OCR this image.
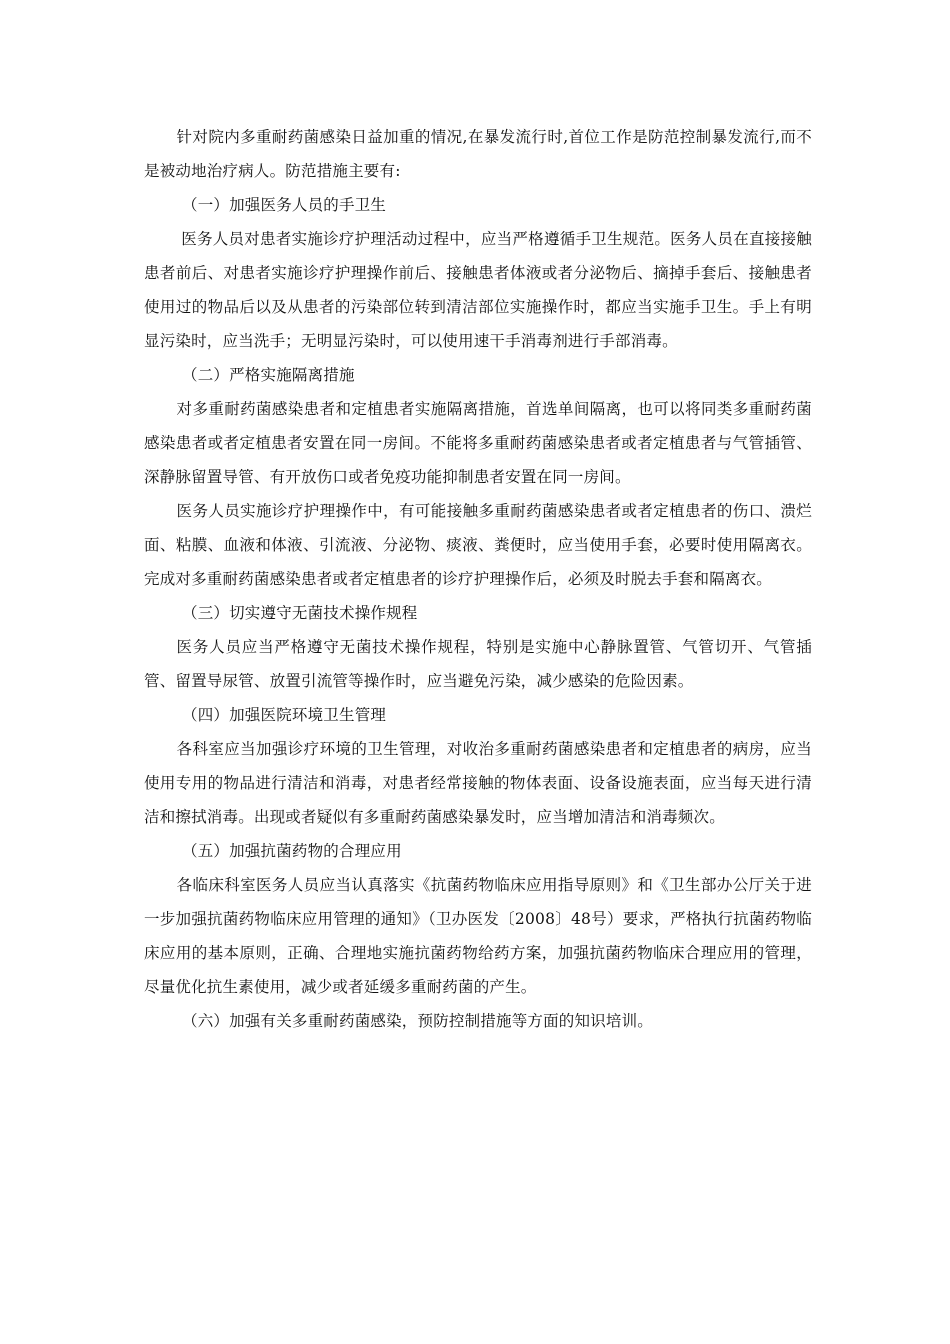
针对院内多重耐药菌感染日益加重的情况,在暴发流行时,首位工作是防范控制暴发流行,而不是被动地治疗病人。防范措施主要有:

（一）加强医务人员的手卫生

医务人员对患者实施诊疗护理活动过程中，应当严格遵循手卫生规范。医务人员在直接接触患者前后、对患者实施诊疗护理操作前后、接触患者体液或者分泌物后、摘掉手套后、接触患者使用过的物品后以及从患者的污染部位转到清洁部位实施操作时，都应当实施手卫生。手上有明显污染时，应当洗手；无明显污染时，可以使用速干手消毒剂进行手部消毒。

（二）严格实施隔离措施

对多重耐药菌感染患者和定植患者实施隔离措施，首选单间隔离，也可以将同类多重耐药菌感染患者或者定植患者安置在同一房间。不能将多重耐药菌感染患者或者定植患者与气管插管、深静脉留置导管、有开放伤口或者免疫功能抑制患者安置在同一房间。

医务人员实施诊疗护理操作中，有可能接触多重耐药菌感染患者或者定植患者的伤口、溃烂面、粘膜、血液和体液、引流液、分泌物、痰液、粪便时，应当使用手套，必要时使用隔离衣。完成对多重耐药菌感染患者或者定植患者的诊疗护理操作后，必须及时脱去手套和隔离衣。

（三）切实遵守无菌技术操作规程

医务人员应当严格遵守无菌技术操作规程，特别是实施中心静脉置管、气管切开、气管插管、留置导尿管、放置引流管等操作时，应当避免污染，减少感染的危险因素。

（四）加强医院环境卫生管理

各科室应当加强诊疗环境的卫生管理，对收治多重耐药菌感染患者和定植患者的病房，应当使用专用的物品进行清洁和消毒，对患者经常接触的物体表面、设备设施表面，应当每天进行清洁和擦拭消毒。出现或者疑似有多重耐药菌感染暴发时，应当增加清洁和消毒频次。

（五）加强抗菌药物的合理应用

各临床科室医务人员应当认真落实《抗菌药物临床应用指导原则》和《卫生部办公厅关于进一步加强抗菌药物临床应用管理的通知》（卫办医发〔2008〕48号）要求，严格执行抗菌药物临床应用的基本原则，正确、合理地实施抗菌药物给药方案，加强抗菌药物临床合理应用的管理，尽量优化抗生素使用，减少或者延缓多重耐药菌的产生。

（六）加强有关多重耐药菌感染，预防控制措施等方面的知识培训。
